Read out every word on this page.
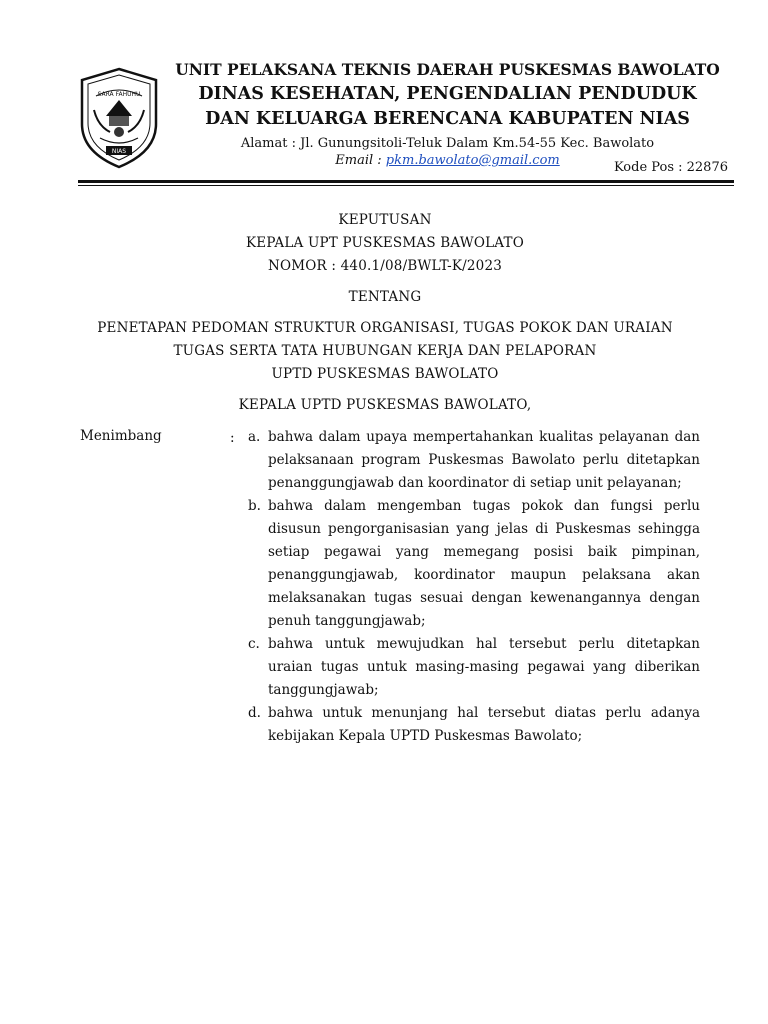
SARA FAHUHU
NIAS
UNIT PELAKSANA TEKNIS DAERAH PUSKESMAS BAWOLATO
DINAS KESEHATAN, PENGENDALIAN PENDUDUK
DAN KELUARGA BERENCANA KABUPATEN NIAS
Alamat : Jl. Gunungsitoli-Teluk Dalam Km.54-55 Kec. Bawolato
Email : pkm.bawolato@gmail.com	Kode Pos : 22876
KEPUTUSAN
KEPALA UPT PUSKESMAS BAWOLATO
NOMOR : 440.1/08/BWLT-K/2023
TENTANG
PENETAPAN PEDOMAN STRUKTUR ORGANISASI, TUGAS POKOK DAN URAIAN
TUGAS SERTA TATA HUBUNGAN KERJA DAN PELAPORAN
UPTD PUSKESMAS BAWOLATO
KEPALA UPTD PUSKESMAS BAWOLATO,
Menimbang	: a. bahwa dalam upaya mempertahankan kualitas pelayanan dan pelaksanaan program Puskesmas Bawolato perlu ditetapkan penanggungjawab dan koordinator di setiap unit pelayanan;
b. bahwa dalam mengemban tugas pokok dan fungsi perlu disusun pengorganisasian yang jelas di Puskesmas sehingga setiap pegawai yang memegang posisi baik pimpinan, penanggungjawab, koordinator maupun pelaksana akan melaksanakan tugas sesuai dengan kewenangannya dengan penuh tanggungjawab;
c. bahwa untuk mewujudkan hal tersebut perlu ditetapkan uraian tugas untuk masing-masing pegawai yang diberikan tanggungjawab;
d. bahwa untuk menunjang hal tersebut diatas perlu adanya kebijakan Kepala UPTD Puskesmas Bawolato;
